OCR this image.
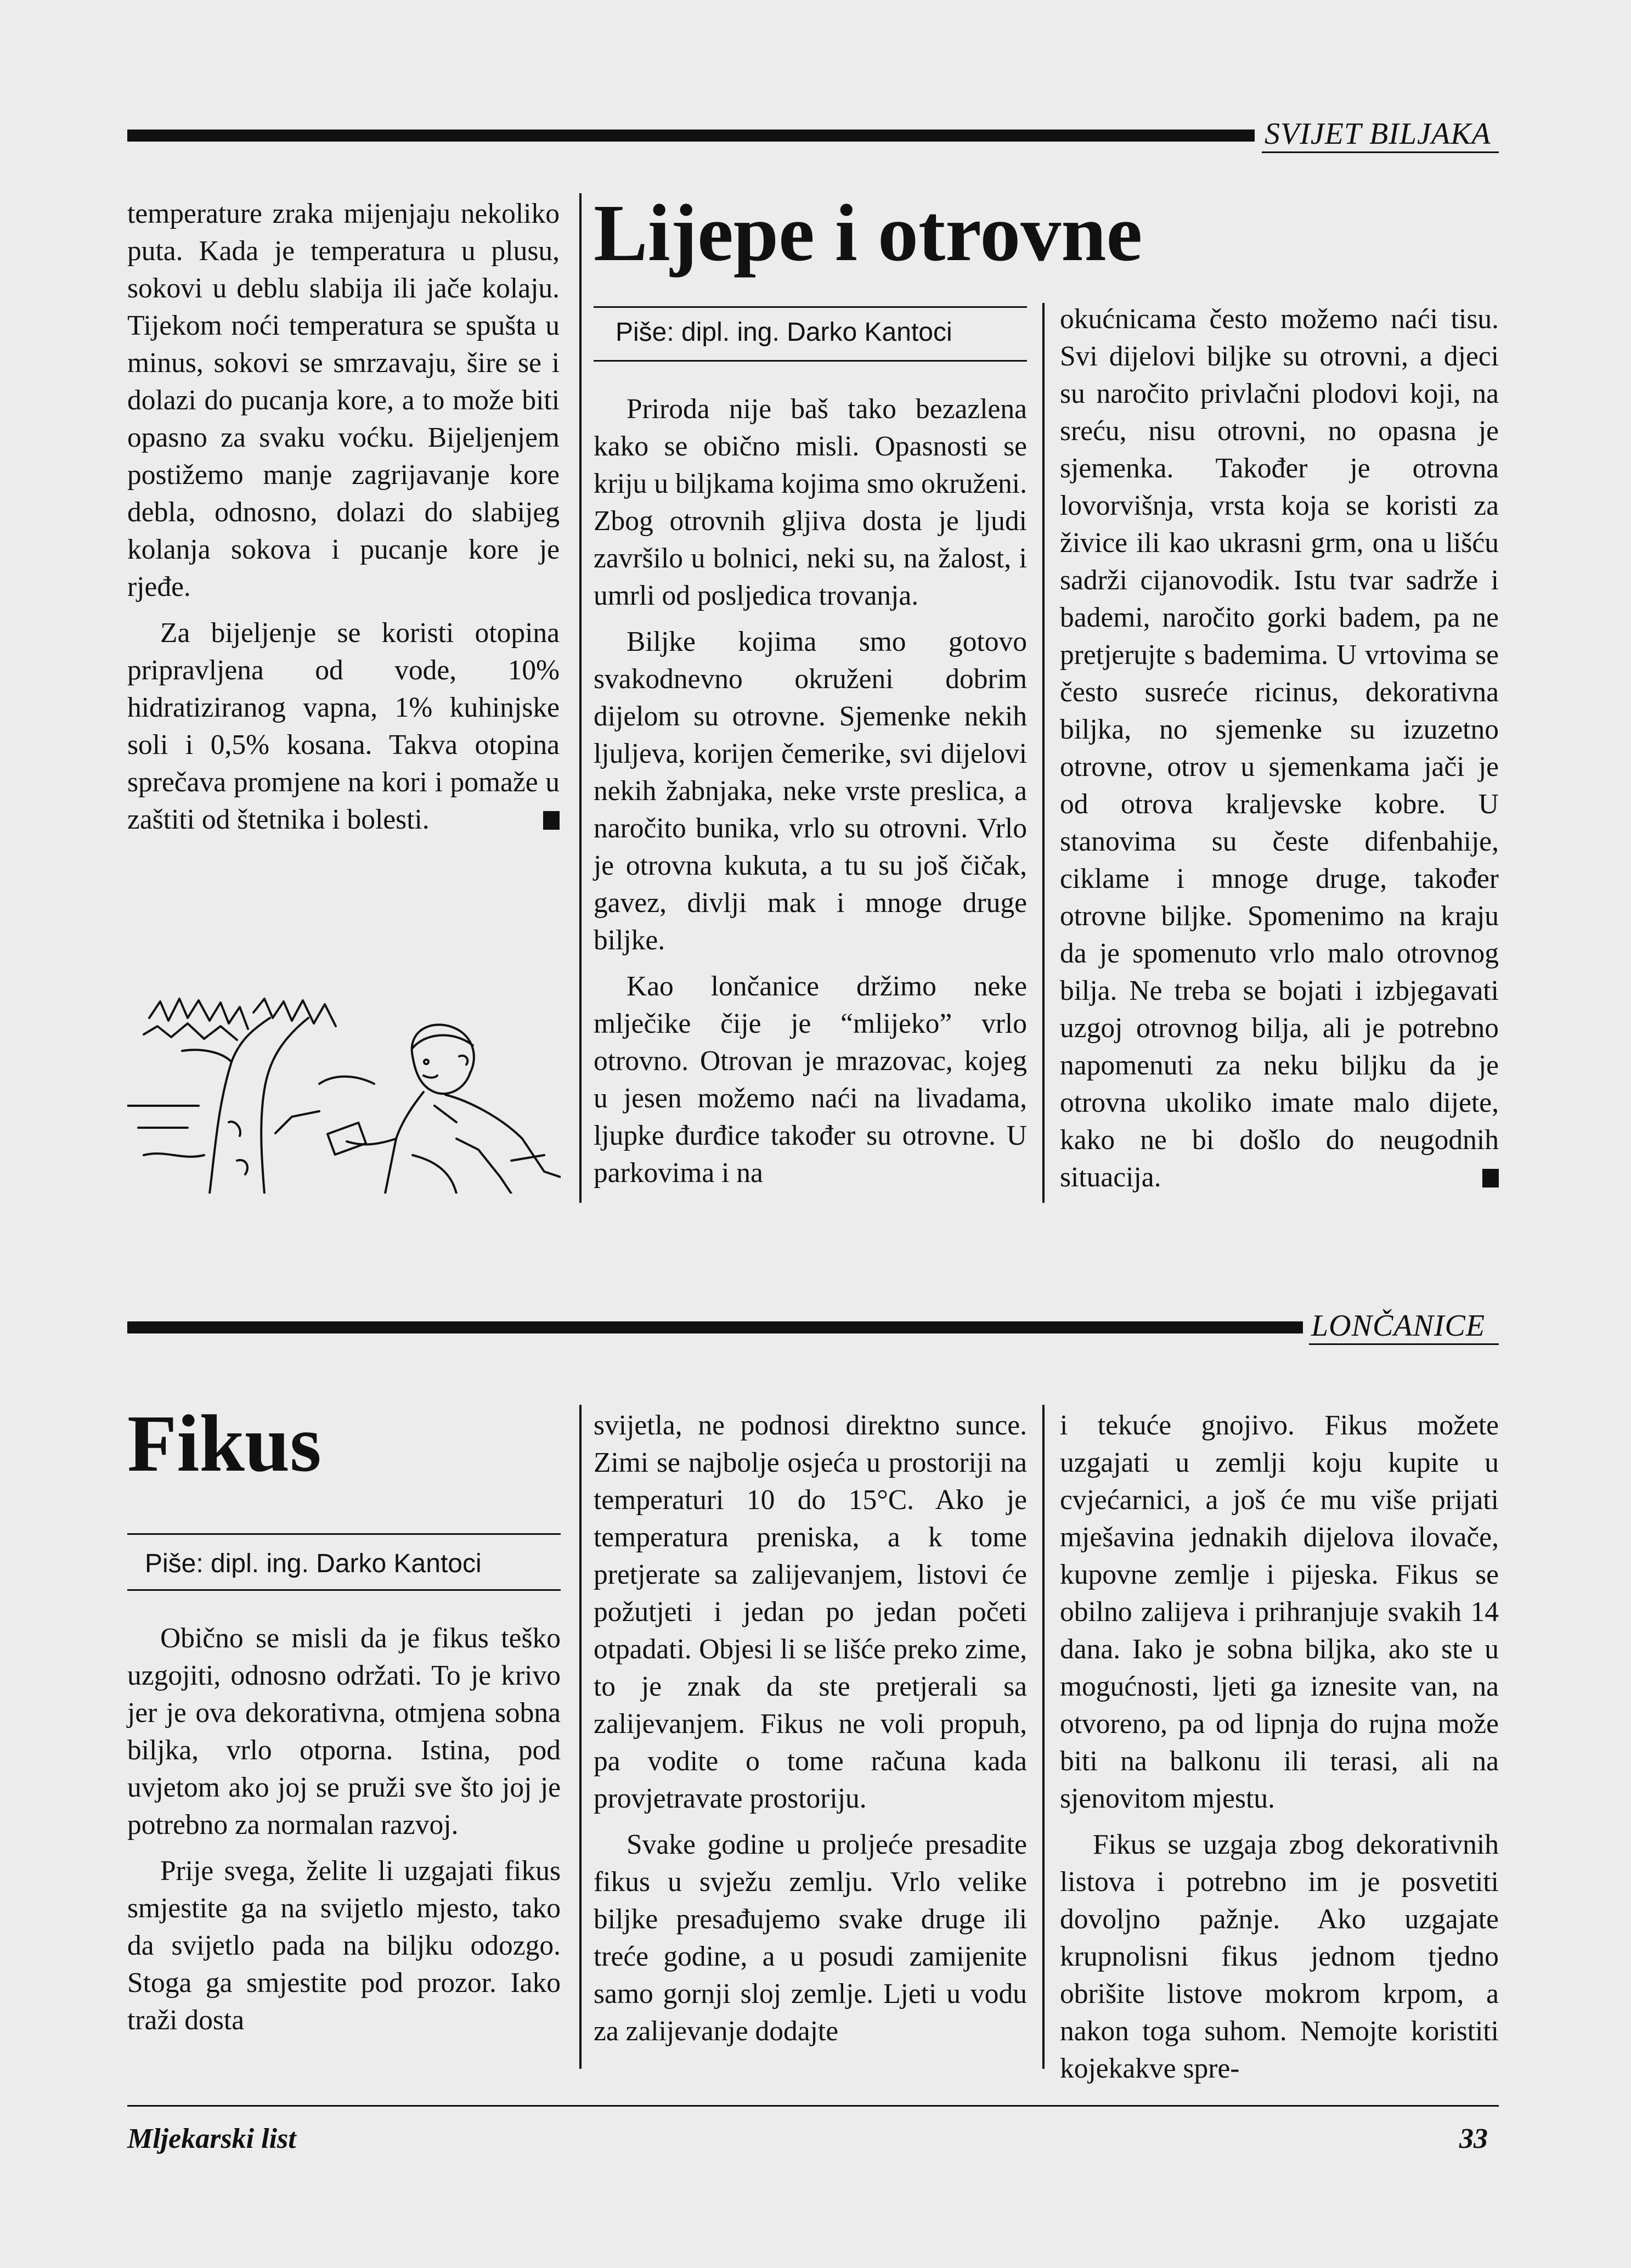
SVIJET BILJAKA

temperature zraka mijenjaju nekoliko puta. Kada je temperatura u plusu, sokovi u deblu slabija ili jače kolaju. Tijekom noći temperatura se spušta u minus, sokovi se smrzavaju, šire se i dolazi do pucanja kore, a to može biti opasno za svaku voćku. Bijeljenjem postižemo manje zagrijavanje kore debla, odnosno, dolazi do slabijeg kolanja sokova i pucanje kore je rjeđe.

Za bijeljenje se koristi otopina pripravljena od vode, 10% hidratiziranog vapna, 1% kuhinjske soli i 0,5% kosana. Takva otopina sprečava promjene na kori i pomaže u zaštiti od štetnika i bolesti.

Lijepe i otrovne
Piše: dipl. ing. Darko Kantoci

Priroda nije baš tako bezazlena kako se obično misli. Opasnosti se kriju u biljkama kojima smo okruženi. Zbog otrovnih gljiva dosta je ljudi završilo u bolnici, neki su, na žalost, i umrli od posljedica trovanja.

Biljke kojima smo gotovo svakodnevno okruženi dobrim dijelom su otrovne. Sjemenke nekih ljuljeva, korijen čemerike, svi dijelovi nekih žabnjaka, neke vrste preslica, a naročito bunika, vrlo su otrovni. Vrlo je otrovna kukuta, a tu su još čičak, gavez, divlji mak i mnoge druge biljke.

Kao lončanice držimo neke mlječike čije je “mlijeko” vrlo otrovno. Otrovan je mrazovac, kojeg u jesen možemo naći na livadama, ljupke đurđice također su otrovne. U parkovima i na

okućnicama često možemo naći tisu. Svi dijelovi biljke su otrovni, a djeci su naročito privlačni plodovi koji, na sreću, nisu otrovni, no opasna je sjemenka. Također je otrovna lovorvišnja, vrsta koja se koristi za živice ili kao ukrasni grm, ona u lišću sadrži cijanovodik. Istu tvar sadrže i bademi, naročito gorki badem, pa ne pretjerujte s bademima. U vrtovima se često susreće ricinus, dekorativna biljka, no sjemenke su izuzetno otrovne, otrov u sjemenkama jači je od otrova kraljevske kobre. U stanovima su česte difenbahije, ciklame i mnoge druge, također otrovne biljke. Spomenimo na kraju da je spomenuto vrlo malo otrovnog bilja. Ne treba se bojati i izbjegavati uzgoj otrovnog bilja, ali je potrebno napomenuti za neku biljku da je otrovna ukoliko imate malo dijete, kako ne bi došlo do neugodnih situacija.

LONČANICE
Fikus
Piše: dipl. ing. Darko Kantoci

Obično se misli da je fikus teško uzgojiti, odnosno održati. To je krivo jer je ova dekorativna, otmjena sobna biljka, vrlo otporna. Istina, pod uvjetom ako joj se pruži sve što joj je potrebno za normalan razvoj.

Prije svega, želite li uzgajati fikus smjestite ga na svijetlo mjesto, tako da svijetlo pada na biljku odozgo. Stoga ga smjestite pod prozor. Iako traži dosta

svijetla, ne podnosi direktno sunce. Zimi se najbolje osjeća u prostoriji na temperaturi 10 do 15°C. Ako je temperatura preniska, a k tome pretjerate sa zalijevanjem, listovi će požutjeti i jedan po jedan početi otpadati. Objesi li se lišće preko zime, to je znak da ste pretjerali sa zalijevanjem. Fikus ne voli propuh, pa vodite o tome računa kada provjetravate prostoriju.

Svake godine u proljeće presadite fikus u svježu zemlju. Vrlo velike biljke presađujemo svake druge ili treće godine, a u posudi zamijenite samo gornji sloj zemlje. Ljeti u vodu za zalijevanje dodajte

i tekuće gnojivo. Fikus možete uzgajati u zemlji koju kupite u cvjećarnici, a još će mu više prijati mješavina jednakih dijelova ilovače, kupovne zemlje i pijeska. Fikus se obilno zalijeva i prihranjuje svakih 14 dana. Iako je sobna biljka, ako ste u mogućnosti, ljeti ga iznesite van, na otvoreno, pa od lipnja do rujna može biti na balkonu ili terasi, ali na sjenovitom mjestu.

Fikus se uzgaja zbog dekorativnih listova i potrebno im je posvetiti dovoljno pažnje. Ako uzgajate krupnolisni fikus jednom tjedno obrišite listove mokrom krpom, a nakon toga suhom. Nemojte koristiti kojekakve spre-

Mljekarski list	33
